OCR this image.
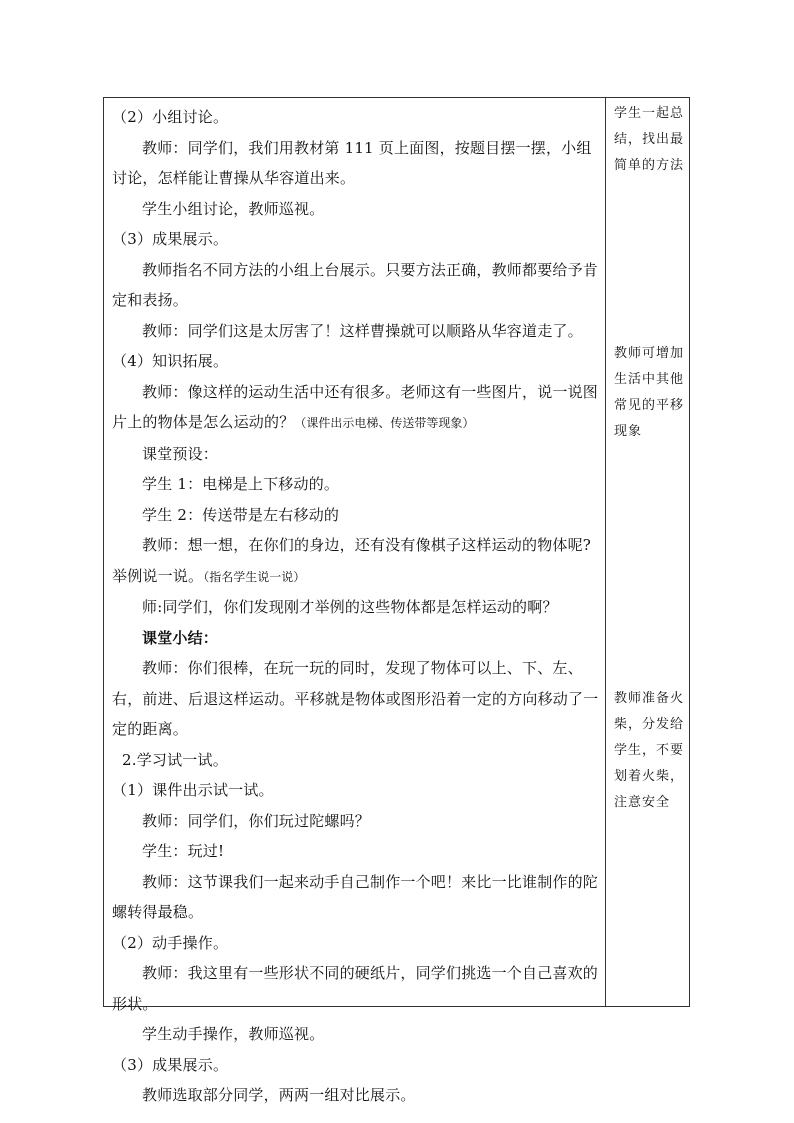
（2）小组讨论。

教师：同学们，我们用教材第 111 页上面图，按题目摆一摆，小组讨论，怎样能让曹操从华容道出来。

学生小组讨论，教师巡视。

（3）成果展示。

教师指名不同方法的小组上台展示。只要方法正确，教师都要给予肯定和表扬。

教师：同学们这是太厉害了！这样曹操就可以顺路从华容道走了。

（4）知识拓展。

教师：像这样的运动生活中还有很多。老师这有一些图片，说一说图片上的物体是怎么运动的？（课件出示电梯、传送带等现象）

课堂预设：

学生 1：电梯是上下移动的。

学生 2：传送带是左右移动的

教师：想一想，在你们的身边，还有没有像棋子这样运动的物体呢?举例说一说。（指名学生说一说）

师:同学们，你们发现刚才举例的这些物体都是怎样运动的啊？

课堂小结：

教师：你们很棒，在玩一玩的同时，发现了物体可以上、下、左、右，前进、后退这样运动。平移就是物体或图形沿着一定的方向移动了一定的距离。

2.学习试一试。

（1）课件出示试一试。

教师：同学们，你们玩过陀螺吗？

学生：玩过!

教师：这节课我们一起来动手自己制作一个吧！来比一比谁制作的陀螺转得最稳。

（2）动手操作。

教师：我这里有一些形状不同的硬纸片，同学们挑选一个自己喜欢的形状。

学生动手操作，教师巡视。

（3）成果展示。

教师选取部分同学，两两一组对比展示。

学生一起总结，找出最简单的方法
教师可增加生活中其他常见的平移现象
教师准备火柴，分发给学生，不要划着火柴，注意安全
